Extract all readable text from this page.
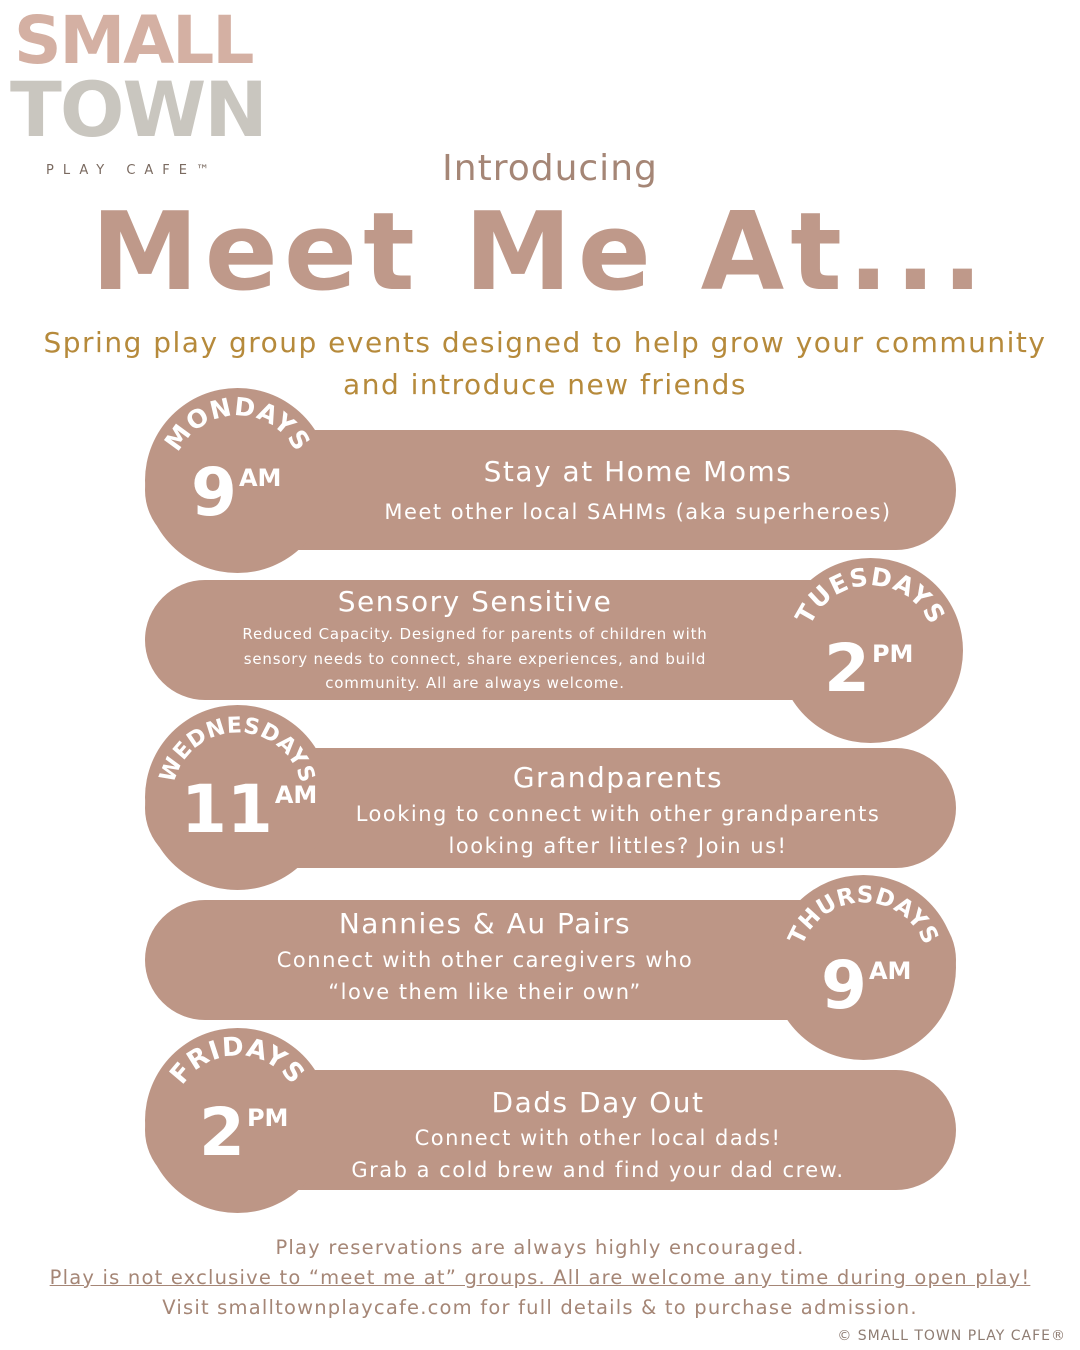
SMALL
TOWN
PLAY CAFE™	Introducing
Meet Me At...
Spring play group events designed to help grow your community
and introduce new friends
MONDAYS
9AM	Stay at Home Moms
Meet other local SAHMs (aka superheroes)
TUESDAYS
2PM
Sensory Sensitive
Reduced Capacity. Designed for parents of children with
sensory needs to connect, share experiences, and build
community. All are always welcome.
WEDNESDAYS
11AM
Grandparents
Looking to connect with other grandparents
looking after littles? Join us!
THURSDAYS
9AM
Nannies & Au Pairs
Connect with other caregivers who
“love them like their own”
FRIDAYS
2PM	Dads Day Out
Connect with other local dads!
Grab a cold brew and find your dad crew.
Play reservations are always highly encouraged.
Play is not exclusive to “meet me at” groups. All are welcome any time during open play!
Visit smalltownplaycafe.com for full details & to purchase admission.
© SMALL TOWN PLAY CAFE®
